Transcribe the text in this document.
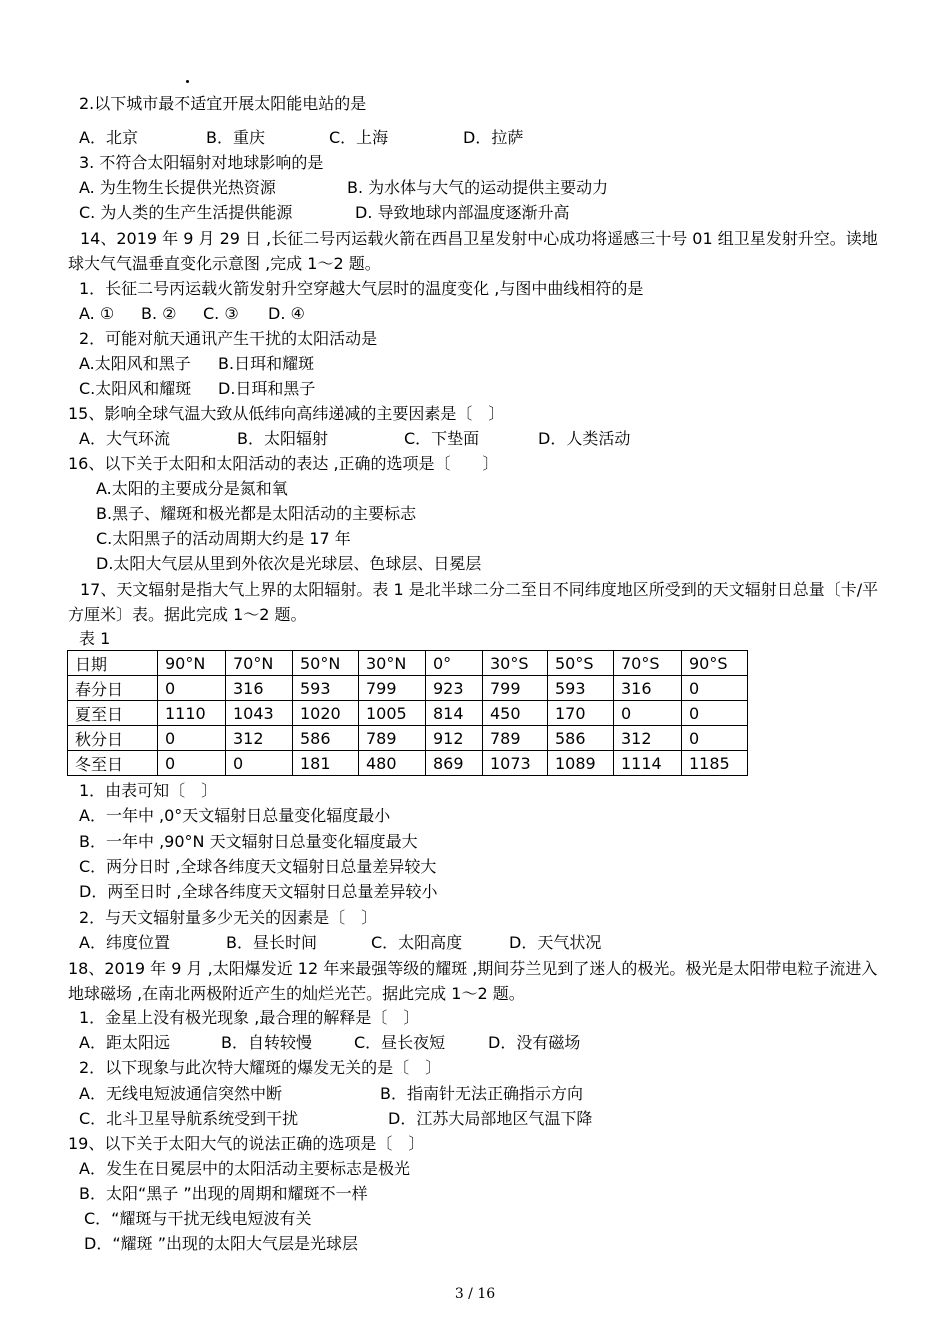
2.以下城市最不适宜开展太阳能电站的是
A．北京	B．重庆	C．上海	D．拉萨
3. 不符合太阳辐射对地球影响的是
A. 为生物生长提供光热资源	B. 为水体与大气的运动提供主要动力
C. 为人类的生产生活提供能源	D. 导致地球内部温度逐渐升高
14、2019 年 9 月 29 日 ,长征二号丙运载火箭在西昌卫星发射中心成功将遥感三十号 01 组卫星发射升空。读地球大气气温垂直变化示意图 ,完成 1～2 题。
1．长征二号丙运载火箭发射升空穿越大气层时的温度变化 ,与图中曲线相符的是
A. ① B. ② C. ③ D. ④
2．可能对航天通讯产生干扰的太阳活动是
A.太阳风和黑子 B.日珥和耀斑
C.太阳风和耀斑 D.日珥和黑子
15、影响全球气温大致从低纬向高纬递减的主要因素是〔　〕
A．大气环流	B．太阳辐射	C．下垫面	D．人类活动
16、以下关于太阳和太阳活动的表达 ,正确的选项是〔　　〕
A.太阳的主要成分是氮和氧
B.黑子、耀斑和极光都是太阳活动的主要标志
C.太阳黑子的活动周期大约是 17 年
D.太阳大气层从里到外依次是光球层、色球层、日冕层
17、天文辐射是指大气上界的太阳辐射。表 1 是北半球二分二至日不同纬度地区所受到的天文辐射日总量〔卡/平方厘米〕表。据此完成 1～2 题。
表 1
日期	90°N	70°N	50°N	30°N	0°	30°S	50°S	70°S	90°S
春分日	0	316	593	799	923	799	593	316	0
夏至日	1110	1043	1020	1005	814	450	170	0	0
秋分日	0	312	586	789	912	789	586	312	0
冬至日	0	0	181	480	869	1073	1089	1114	1185
1．由表可知〔　〕
A．一年中 ,0°天文辐射日总量变化辐度最小
B．一年中 ,90°N 天文辐射日总量变化辐度最大
C．两分日时 ,全球各纬度天文辐射日总量差异较大
D．两至日时 ,全球各纬度天文辐射日总量差异较小
2．与天文辐射量多少无关的因素是〔　〕
A．纬度位置	B．昼长时间	C．太阳高度	D．天气状况
18、2019 年 9 月 ,太阳爆发近 12 年来最强等级的耀斑 ,期间芬兰见到了迷人的极光。极光是太阳带电粒子流进入地球磁场 ,在南北两极附近产生的灿烂光芒。据此完成 1～2 题。
1．金星上没有极光现象 ,最合理的解释是〔　〕
A．距太阳远	B．自转较慢	C．昼长夜短	D．没有磁场
2．以下现象与此次特大耀斑的爆发无关的是〔　〕
A．无线电短波通信突然中断	B．指南针无法正确指示方向
C．北斗卫星导航系统受到干扰	D．江苏大局部地区气温下降
19、以下关于太阳大气的说法正确的选项是〔　〕
A．发生在日冕层中的太阳活动主要标志是极光
B．太阳“黑子 ”出现的周期和耀斑不一样
C．“耀斑与干扰无线电短波有关
D．“耀斑 ”出现的太阳大气层是光球层
3 / 16
